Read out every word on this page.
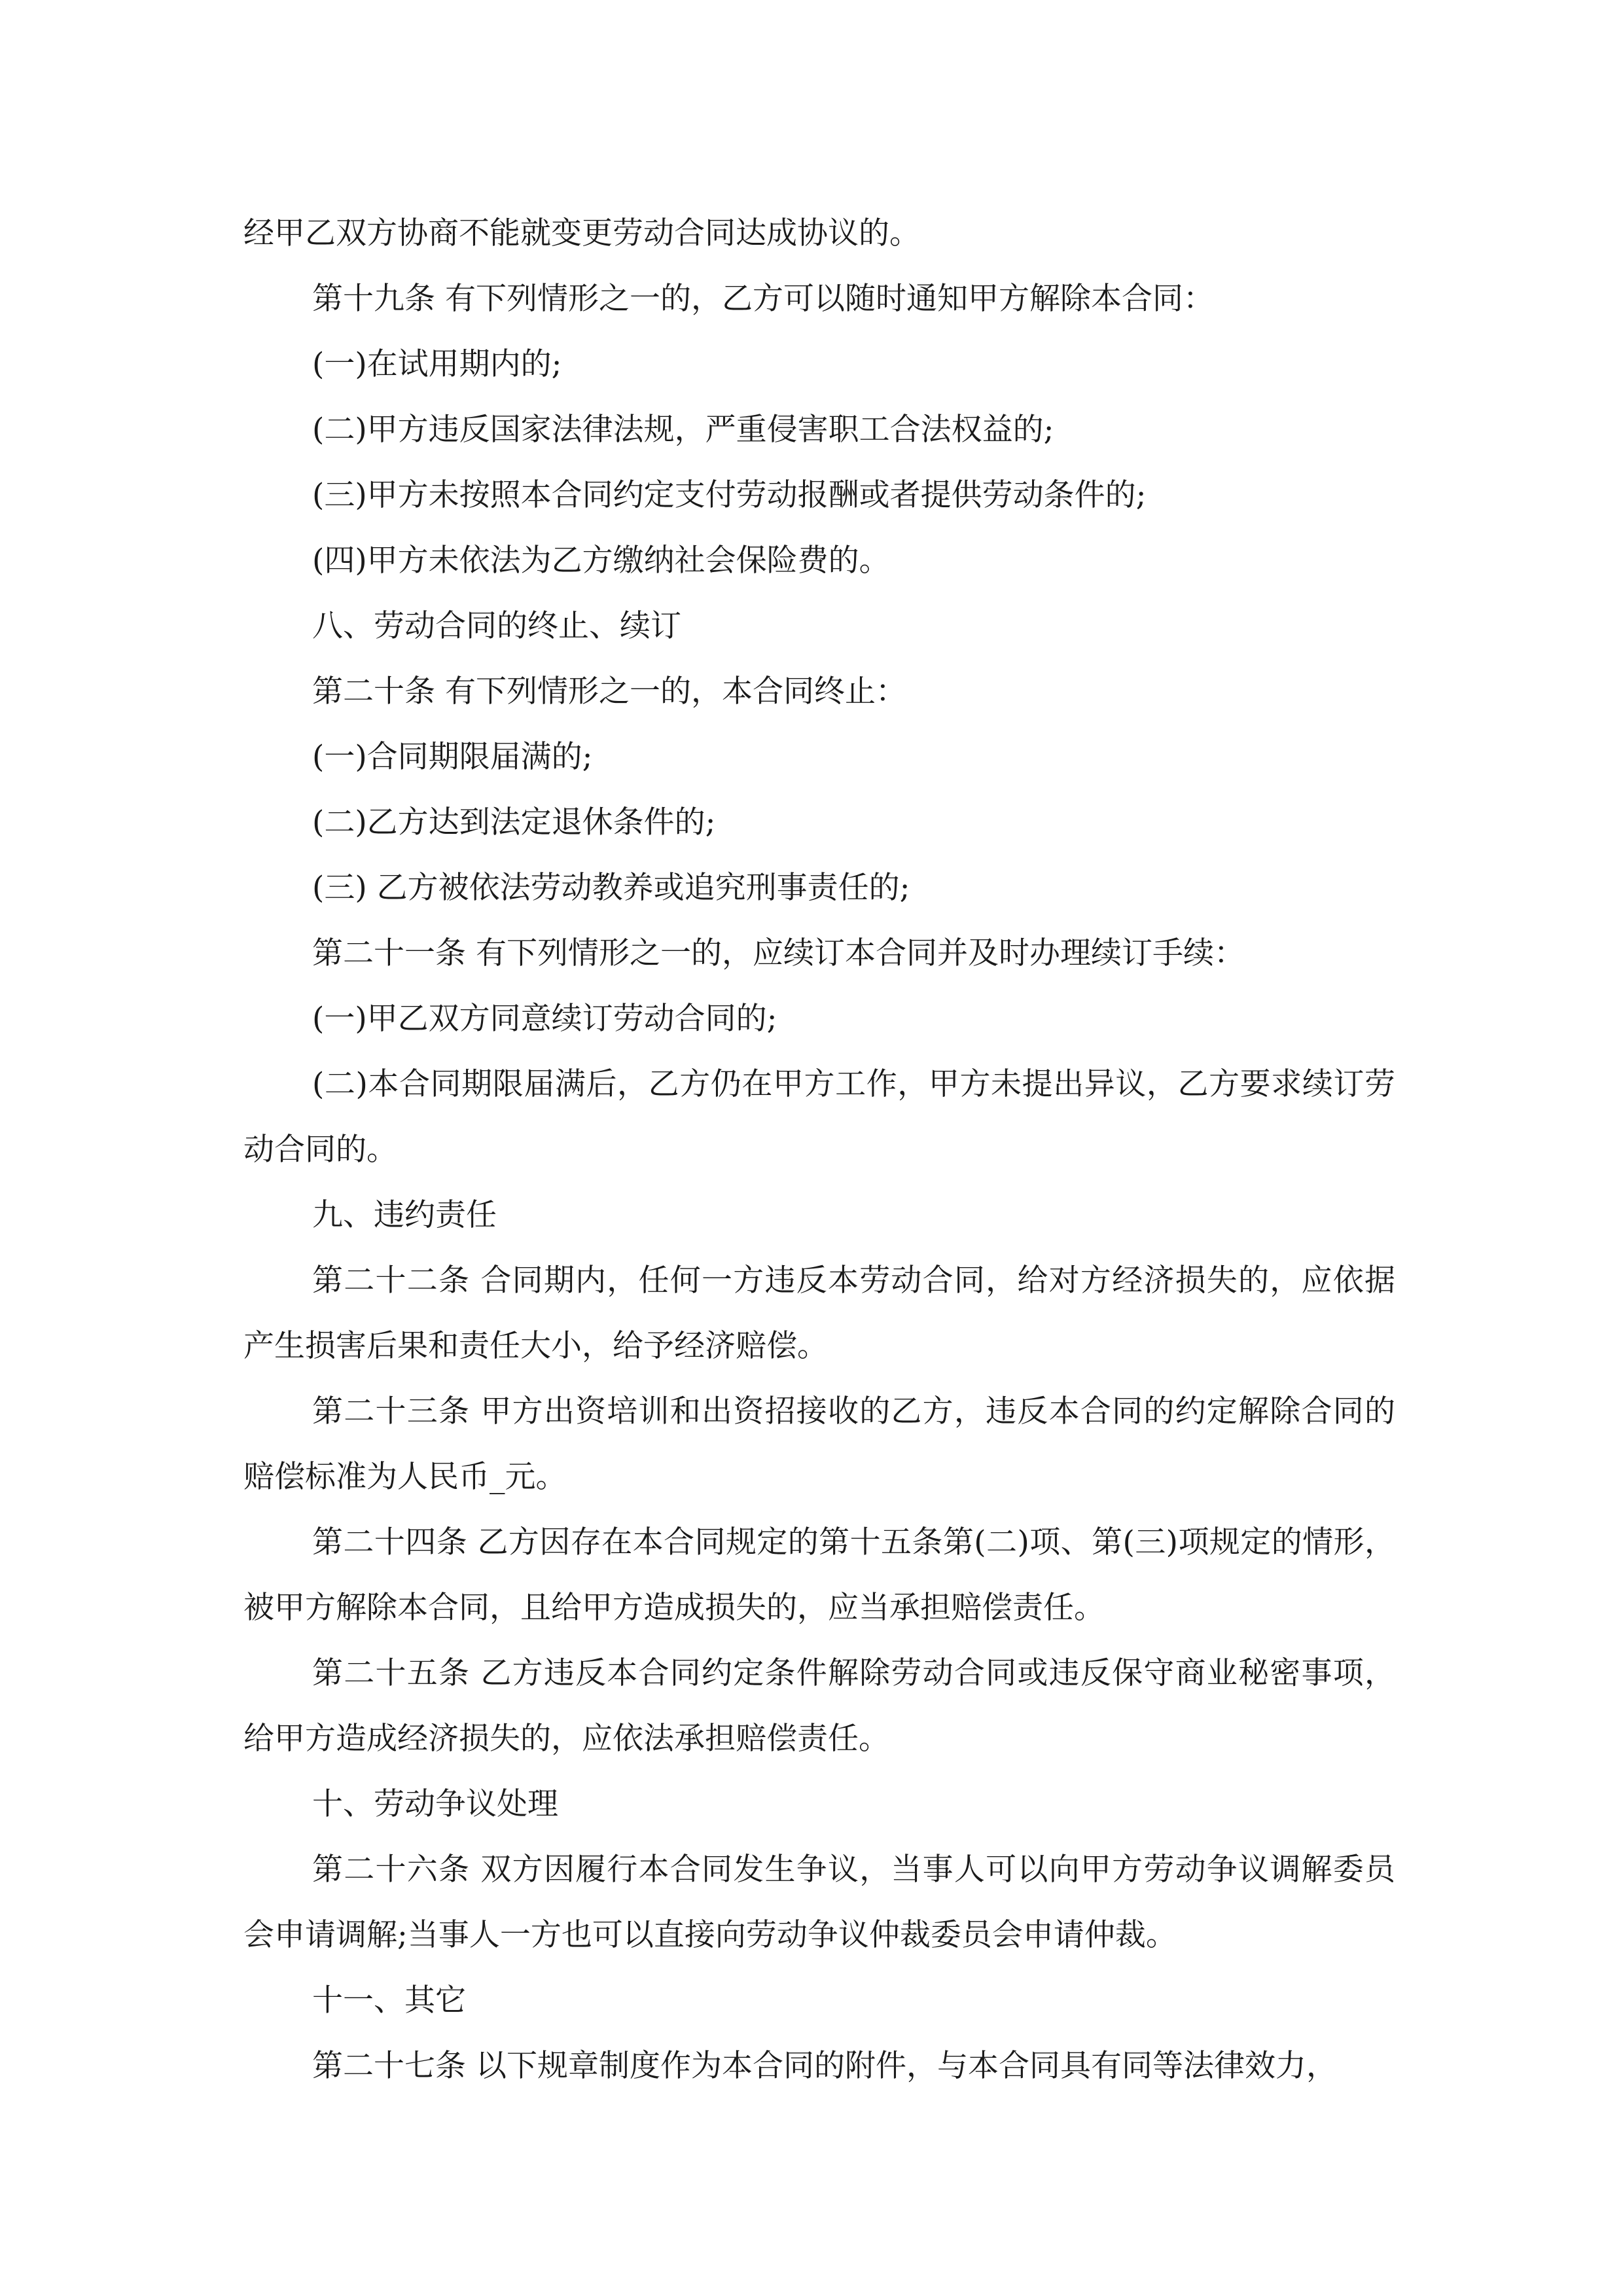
经甲乙双方协商不能就变更劳动合同达成协议的。

第十九条 有下列情形之一的，乙方可以随时通知甲方解除本合同：

(一)在试用期内的;

(二)甲方违反国家法律法规，严重侵害职工合法权益的;

(三)甲方未按照本合同约定支付劳动报酬或者提供劳动条件的;

(四)甲方未依法为乙方缴纳社会保险费的。

八、劳动合同的终止、续订

第二十条 有下列情形之一的，本合同终止：

(一)合同期限届满的;

(二)乙方达到法定退休条件的;

(三) 乙方被依法劳动教养或追究刑事责任的;

第二十一条 有下列情形之一的，应续订本合同并及时办理续订手续：

(一)甲乙双方同意续订劳动合同的;

(二)本合同期限届满后，乙方仍在甲方工作，甲方未提出异议，乙方要求续订劳动合同的。

九、违约责任

第二十二条 合同期内，任何一方违反本劳动合同，给对方经济损失的，应依据产生损害后果和责任大小，给予经济赔偿。

第二十三条 甲方出资培训和出资招接收的乙方，违反本合同的约定解除合同的赔偿标准为人民币_元。

第二十四条 乙方因存在本合同规定的第十五条第(二)项、第(三)项规定的情形，被甲方解除本合同，且给甲方造成损失的，应当承担赔偿责任。

第二十五条 乙方违反本合同约定条件解除劳动合同或违反保守商业秘密事项，给甲方造成经济损失的，应依法承担赔偿责任。

十、劳动争议处理

第二十六条 双方因履行本合同发生争议，当事人可以向甲方劳动争议调解委员会申请调解;当事人一方也可以直接向劳动争议仲裁委员会申请仲裁。

十一、其它

第二十七条 以下规章制度作为本合同的附件，与本合同具有同等法律效力，
